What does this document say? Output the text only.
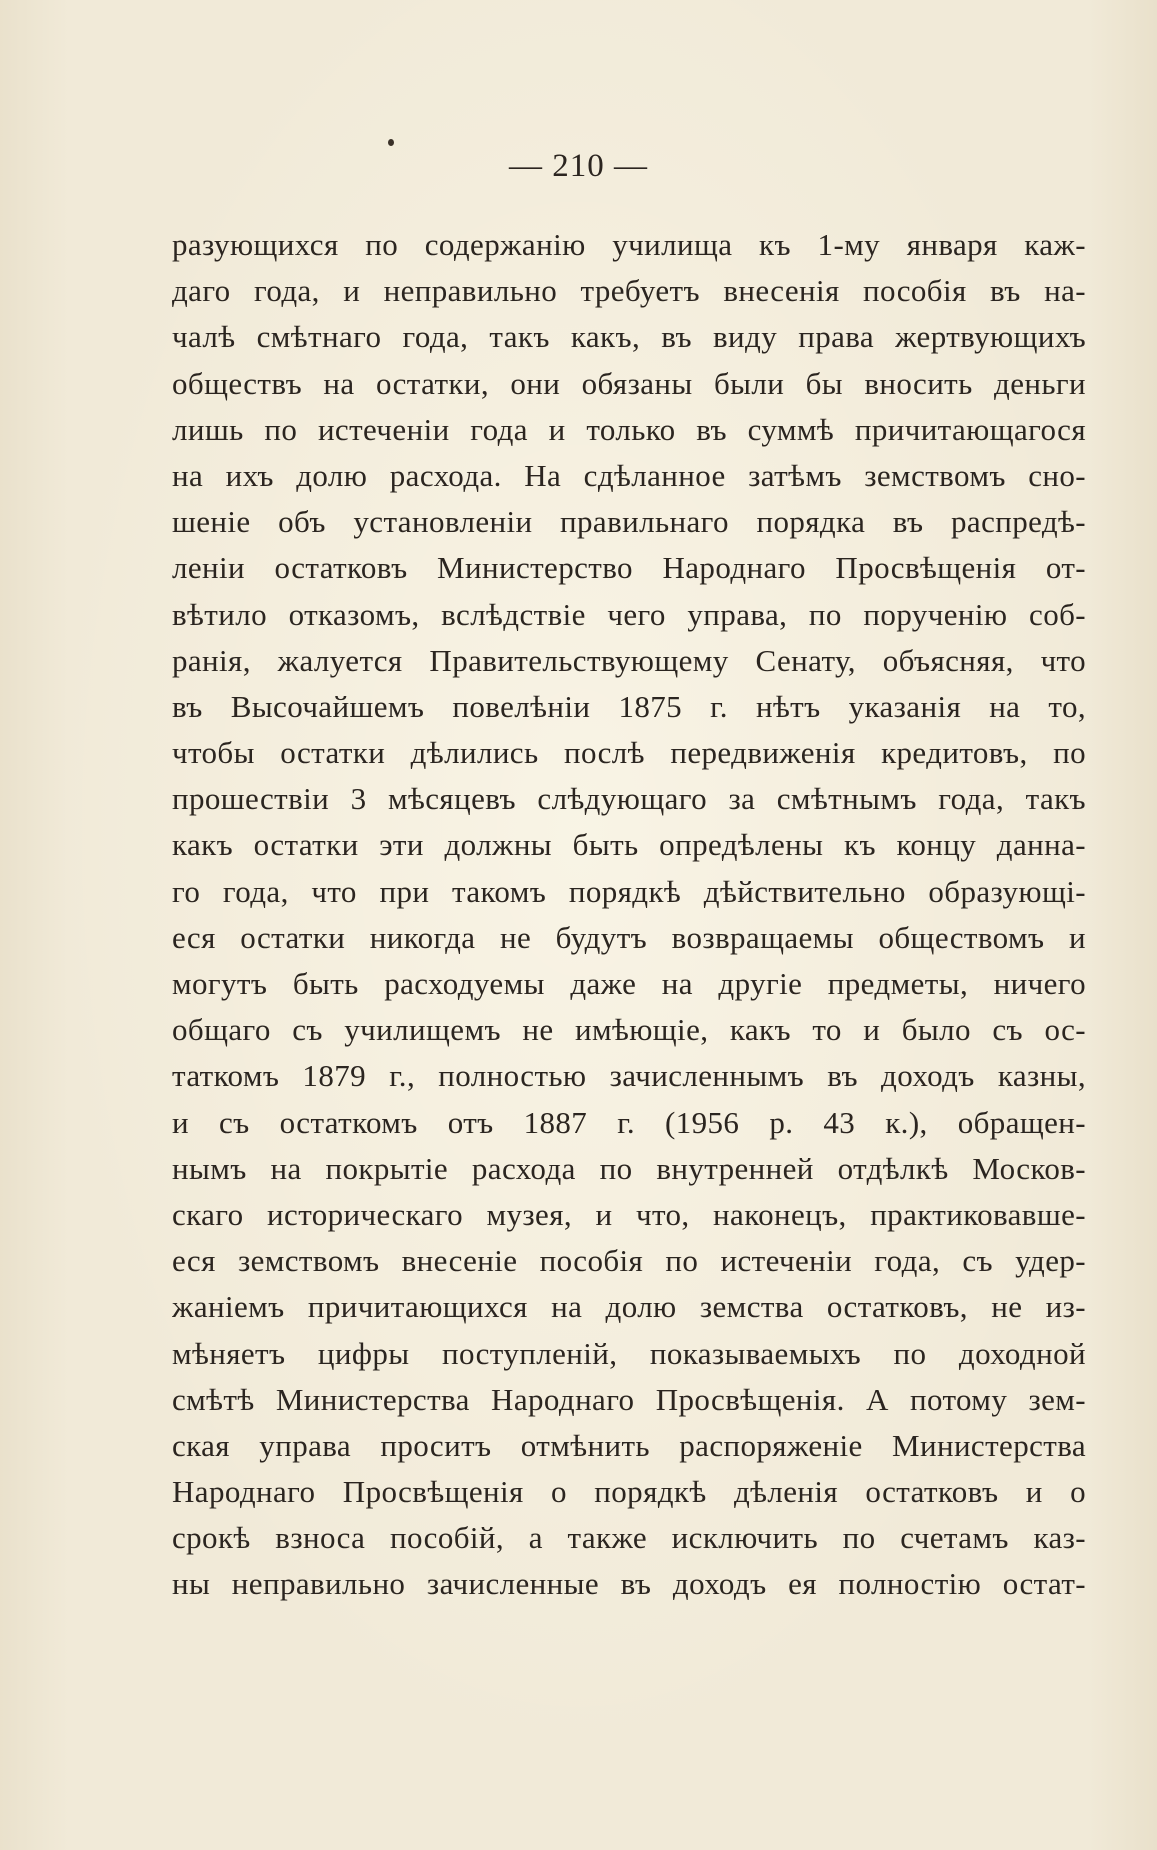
— 210 —
разующихся по содержанію училища къ 1-му января каж-
даго года, и неправильно требуетъ внесенія пособія въ на-
чалѣ смѣтнаго года, такъ какъ, въ виду права жертвующихъ
обществъ на остатки, они обязаны были бы вносить деньги
лишь по истеченіи года и только въ суммѣ причитающагося
на ихъ долю расхода. На сдѣланное затѣмъ земствомъ сно-
шеніе объ установленіи правильнаго порядка въ распредѣ-
леніи остатковъ Министерство Народнаго Просвѣщенія от-
вѣтило отказомъ, вслѣдствіе чего управа, по порученію соб-
ранія, жалуется Правительствующему Сенату, объясняя, что
въ Высочайшемъ повелѣніи 1875 г. нѣтъ указанія на то,
чтобы остатки дѣлились послѣ передвиженія кредитовъ, по
прошествіи 3 мѣсяцевъ слѣдующаго за смѣтнымъ года, такъ
какъ остатки эти должны быть опредѣлены къ концу данна-
го года, что при такомъ порядкѣ дѣйствительно образующі-
еся остатки никогда не будутъ возвращаемы обществомъ и
могутъ быть расходуемы даже на другіе предметы, ничего
общаго съ училищемъ не имѣющіе, какъ то и было съ ос-
таткомъ 1879 г., полностью зачисленнымъ въ доходъ казны,
и съ остаткомъ отъ 1887 г. (1956 р. 43 к.), обращен-
нымъ на покрытіе расхода по внутренней отдѣлкѣ Москов-
скаго историческаго музея, и что, наконецъ, практиковавше-
еся земствомъ внесеніе пособія по истеченіи года, съ удер-
жаніемъ причитающихся на долю земства остатковъ, не из-
мѣняетъ цифры поступленій, показываемыхъ по доходной
смѣтѣ Министерства Народнаго Просвѣщенія. А потому зем-
ская управа проситъ отмѣнить распоряженіе Министерства
Народнаго Просвѣщенія о порядкѣ дѣленія остатковъ и о
срокѣ взноса пособій, а также исключить по счетамъ каз-
ны неправильно зачисленные въ доходъ ея полностію остат-
